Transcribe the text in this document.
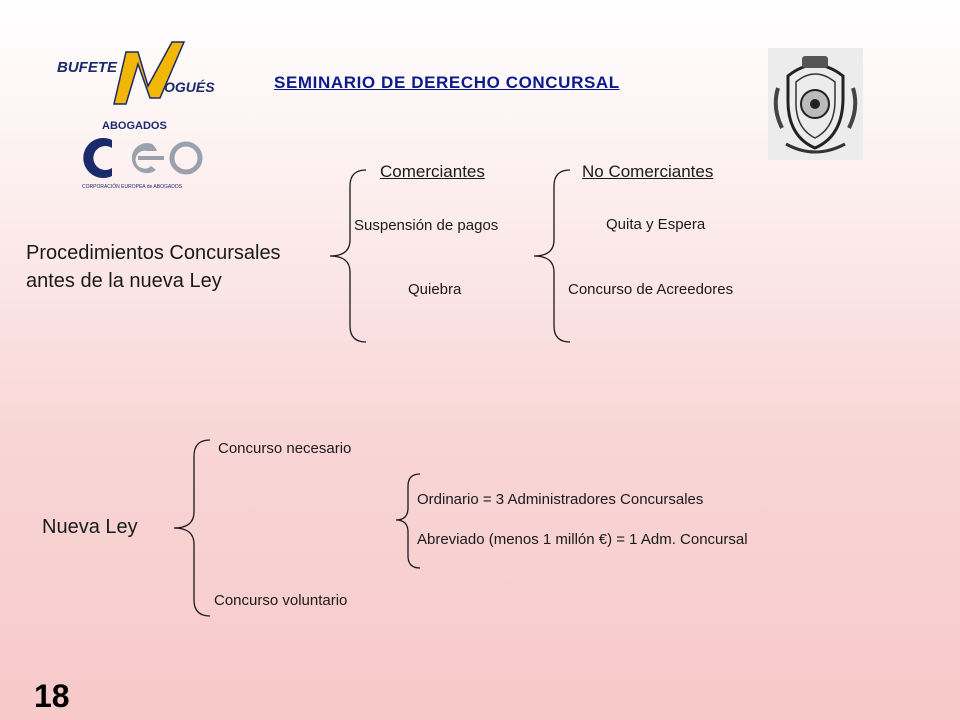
BUFETE
OGUÉS
ABOGADOS
CORPORACIÓN EUROPEA de ABOGADOS
SEMINARIO DE DERECHO CONCURSAL
Procedimientos Concursales
antes de la nueva Ley
Comerciantes
Suspensión de pagos
Quiebra
No Comerciantes
Quita y Espera
Concurso de Acreedores
Nueva Ley
Concurso necesario
Concurso voluntario
Ordinario = 3 Administradores Concursales
Abreviado (menos 1 millón €) = 1 Adm. Concursal
18
